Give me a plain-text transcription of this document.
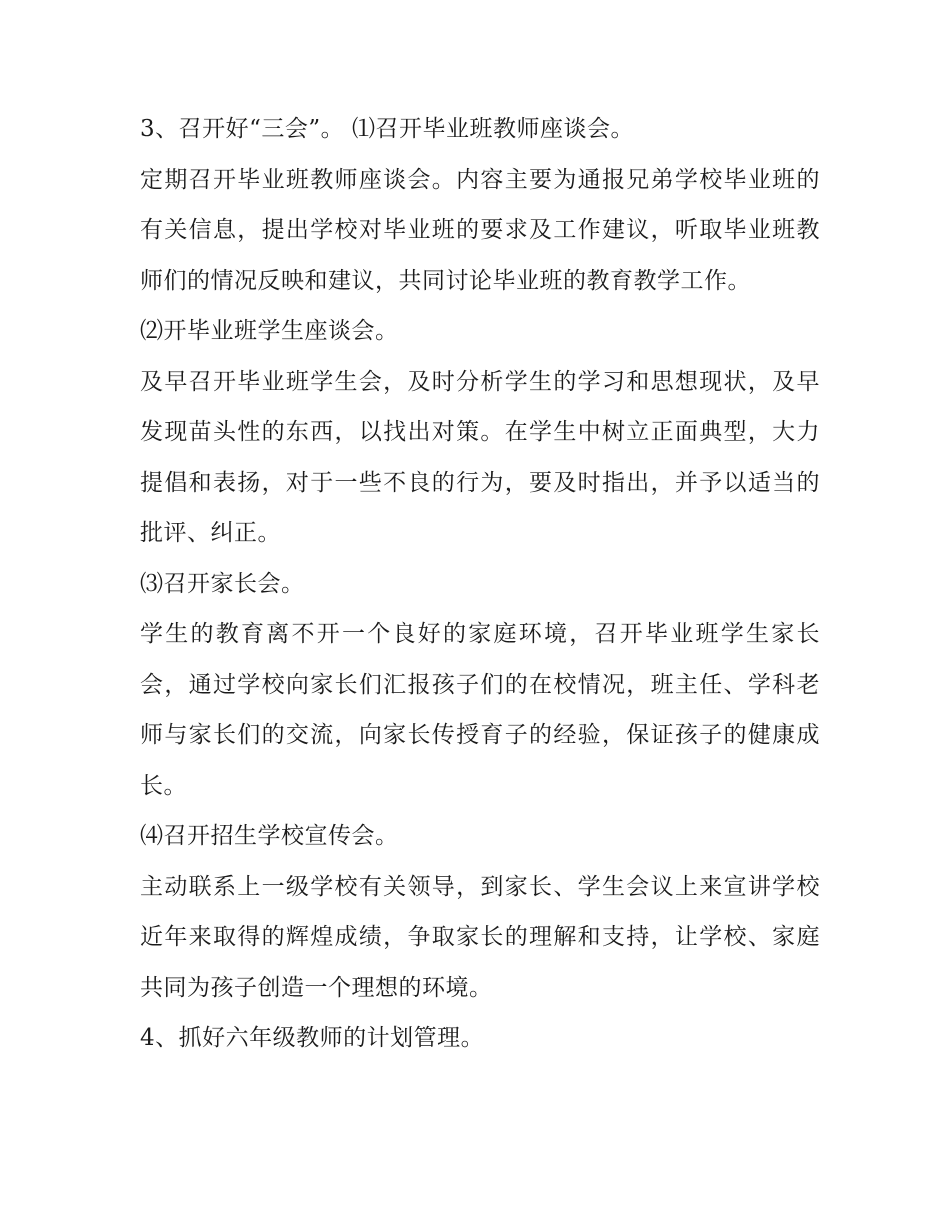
3、召开好“三会”。 ⑴召开毕业班教师座谈会。

定期召开毕业班教师座谈会。内容主要为通报兄弟学校毕业班的有关信息，提出学校对毕业班的要求及工作建议，听取毕业班教师们的情况反映和建议，共同讨论毕业班的教育教学工作。

⑵开毕业班学生座谈会。

及早召开毕业班学生会，及时分析学生的学习和思想现状，及早发现苗头性的东西，以找出对策。在学生中树立正面典型，大力提倡和表扬，对于一些不良的行为，要及时指出，并予以适当的批评、纠正。

⑶召开家长会。

学生的教育离不开一个良好的家庭环境，召开毕业班学生家长会，通过学校向家长们汇报孩子们的在校情况，班主任、学科老师与家长们的交流，向家长传授育子的经验，保证孩子的健康成长。

⑷召开招生学校宣传会。

主动联系上一级学校有关领导，到家长、学生会议上来宣讲学校近年来取得的辉煌成绩，争取家长的理解和支持，让学校、家庭共同为孩子创造一个理想的环境。

4、抓好六年级教师的计划管理。
